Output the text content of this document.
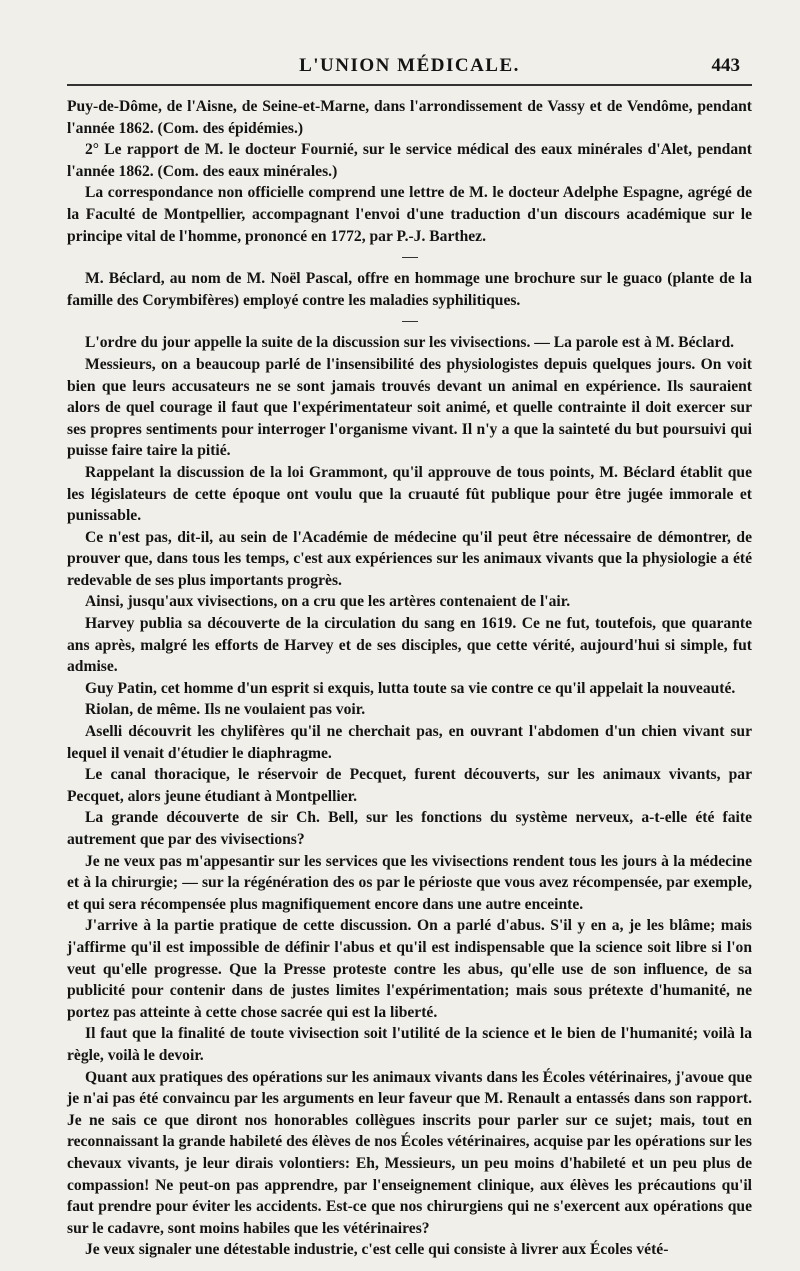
L'UNION MÉDICALE.	443

Puy-de-Dôme, de l'Aisne, de Seine-et-Marne, dans l'arrondissement de Vassy et de Vendôme, pendant l'année 1862. (Com. des épidémies.)

2° Le rapport de M. le docteur Fournié, sur le service médical des eaux minérales d'Alet, pendant l'année 1862. (Com. des eaux minérales.)

La correspondance non officielle comprend une lettre de M. le docteur Adelphe Espagne, agrégé de la Faculté de Montpellier, accompagnant l'envoi d'une traduction d'un discours académique sur le principe vital de l'homme, prononcé en 1772, par P.-J. Barthez.

M. Béclard, au nom de M. Noël Pascal, offre en hommage une brochure sur le guaco (plante de la famille des Corymbifères) employé contre les maladies syphilitiques.

L'ordre du jour appelle la suite de la discussion sur les vivisections. — La parole est à M. Béclard.

Messieurs, on a beaucoup parlé de l'insensibilité des physiologistes depuis quelques jours. On voit bien que leurs accusateurs ne se sont jamais trouvés devant un animal en expérience. Ils sauraient alors de quel courage il faut que l'expérimentateur soit animé, et quelle contrainte il doit exercer sur ses propres sentiments pour interroger l'organisme vivant. Il n'y a que la sainteté du but poursuivi qui puisse faire taire la pitié.

Rappelant la discussion de la loi Grammont, qu'il approuve de tous points, M. Béclard établit que les législateurs de cette époque ont voulu que la cruauté fût publique pour être jugée immorale et punissable.

Ce n'est pas, dit-il, au sein de l'Académie de médecine qu'il peut être nécessaire de démontrer, de prouver que, dans tous les temps, c'est aux expériences sur les animaux vivants que la physiologie a été redevable de ses plus importants progrès.

Ainsi, jusqu'aux vivisections, on a cru que les artères contenaient de l'air.

Harvey publia sa découverte de la circulation du sang en 1619. Ce ne fut, toutefois, que quarante ans après, malgré les efforts de Harvey et de ses disciples, que cette vérité, aujourd'hui si simple, fut admise.

Guy Patin, cet homme d'un esprit si exquis, lutta toute sa vie contre ce qu'il appelait la nouveauté.

Riolan, de même. Ils ne voulaient pas voir.

Aselli découvrit les chylifères qu'il ne cherchait pas, en ouvrant l'abdomen d'un chien vivant sur lequel il venait d'étudier le diaphragme.

Le canal thoracique, le réservoir de Pecquet, furent découverts, sur les animaux vivants, par Pecquet, alors jeune étudiant à Montpellier.

La grande découverte de sir Ch. Bell, sur les fonctions du système nerveux, a-t-elle été faite autrement que par des vivisections?

Je ne veux pas m'appesantir sur les services que les vivisections rendent tous les jours à la médecine et à la chirurgie; — sur la régénération des os par le périoste que vous avez récompensée, par exemple, et qui sera récompensée plus magnifiquement encore dans une autre enceinte.

J'arrive à la partie pratique de cette discussion. On a parlé d'abus. S'il y en a, je les blâme; mais j'affirme qu'il est impossible de définir l'abus et qu'il est indispensable que la science soit libre si l'on veut qu'elle progresse. Que la Presse proteste contre les abus, qu'elle use de son influence, de sa publicité pour contenir dans de justes limites l'expérimentation; mais sous prétexte d'humanité, ne portez pas atteinte à cette chose sacrée qui est la liberté.

Il faut que la finalité de toute vivisection soit l'utilité de la science et le bien de l'humanité; voilà la règle, voilà le devoir.

Quant aux pratiques des opérations sur les animaux vivants dans les Écoles vétérinaires, j'avoue que je n'ai pas été convaincu par les arguments en leur faveur que M. Renault a entassés dans son rapport. Je ne sais ce que diront nos honorables collègues inscrits pour parler sur ce sujet; mais, tout en reconnaissant la grande habileté des élèves de nos Écoles vétérinaires, acquise par les opérations sur les chevaux vivants, je leur dirais volontiers: Eh, Messieurs, un peu moins d'habileté et un peu plus de compassion! Ne peut-on pas apprendre, par l'enseignement clinique, aux élèves les précautions qu'il faut prendre pour éviter les accidents. Est-ce que nos chirurgiens qui ne s'exercent aux opérations que sur le cadavre, sont moins habiles que les vétérinaires?

Je veux signaler une détestable industrie, c'est celle qui consiste à livrer aux Écoles vété-
